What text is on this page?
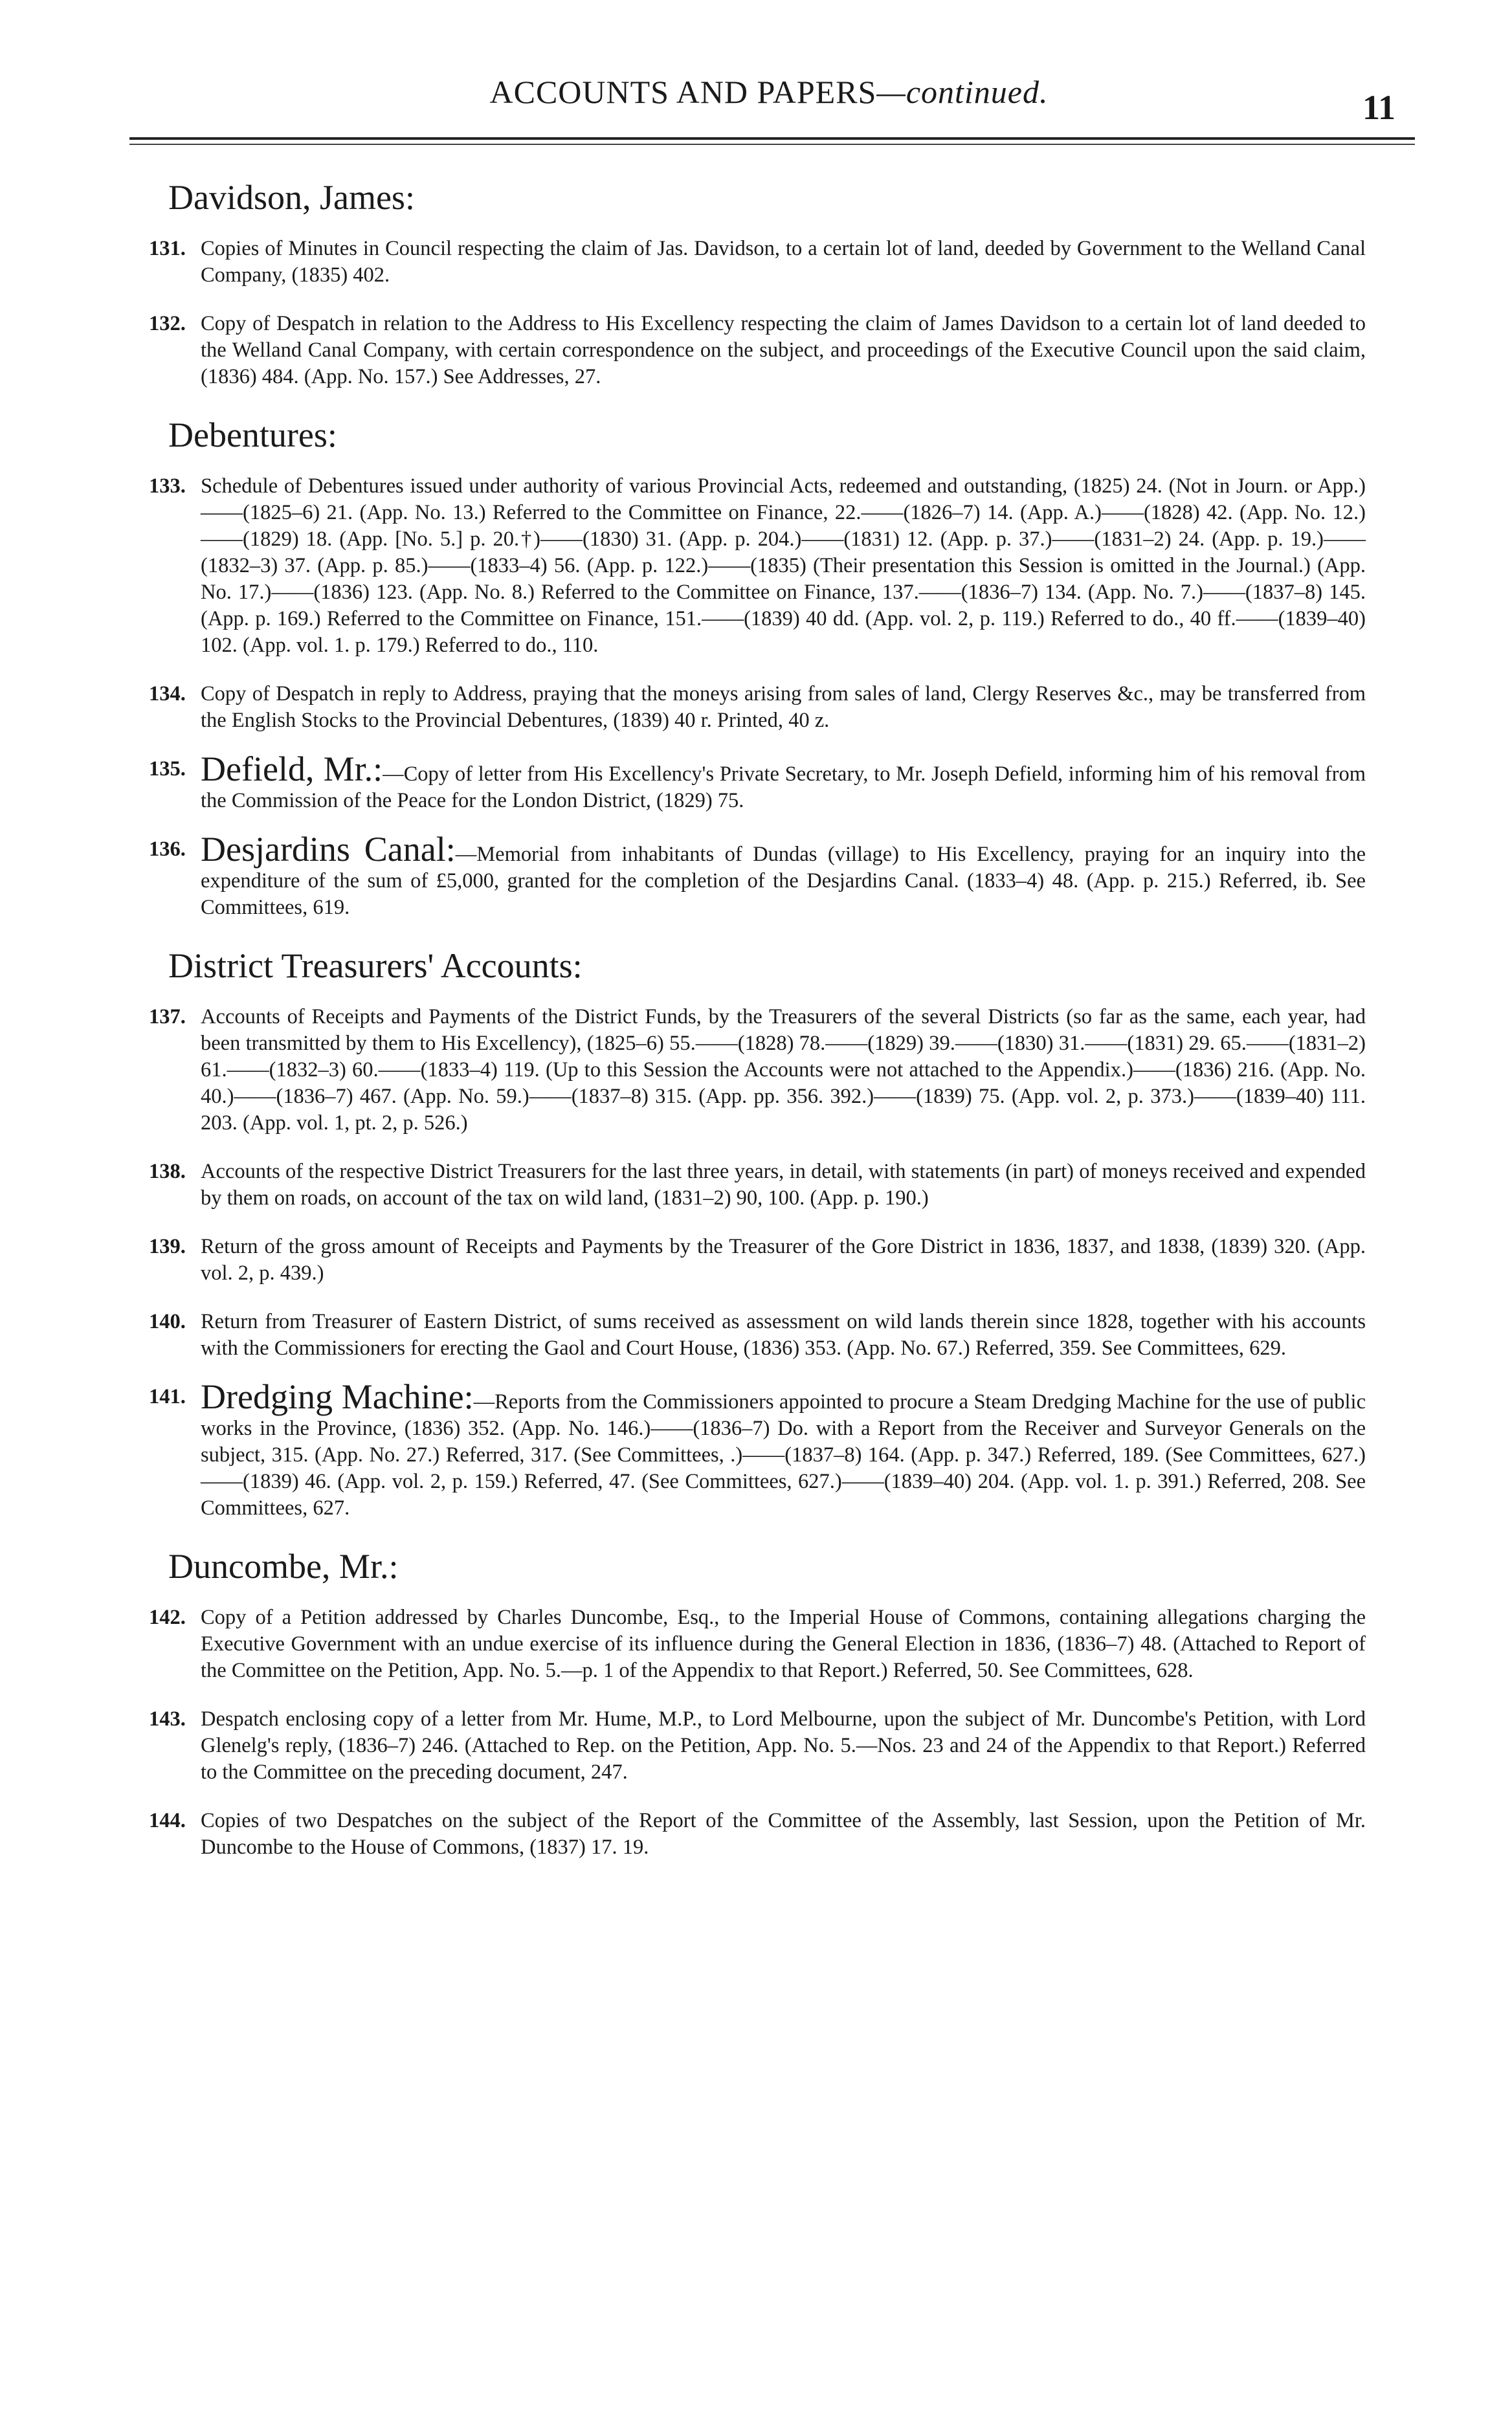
ACCOUNTS AND PAPERS—continued.	11
Davidson, James:
131. Copies of Minutes in Council respecting the claim of Jas. Davidson, to a certain lot of land, deeded by Government to the Welland Canal Company, (1835) 402.
132. Copy of Despatch in relation to the Address to His Excellency respecting the claim of James Davidson to a certain lot of land deeded to the Welland Canal Company, with certain correspondence on the subject, and proceedings of the Executive Council upon the said claim, (1836) 484. (App. No. 157.) See Addresses, 27.
Debentures:
133. Schedule of Debentures issued under authority of various Provincial Acts, redeemed and outstanding, (1825) 24. (Not in Journ. or App.)——(1825–6) 21. (App. No. 13.) Referred to the Committee on Finance, 22.——(1826–7) 14. (App. A.)——(1828) 42. (App. No. 12.)——(1829) 18. (App. [No. 5.] p. 20.†)——(1830) 31. (App. p. 204.)——(1831) 12. (App. p. 37.)——(1831–2) 24. (App. p. 19.)——(1832–3) 37. (App. p. 85.)——(1833–4) 56. (App. p. 122.)——(1835) (Their presentation this Session is omitted in the Journal.) (App. No. 17.)——(1836) 123. (App. No. 8.) Referred to the Committee on Finance, 137.——(1836–7) 134. (App. No. 7.)——(1837–8) 145. (App. p. 169.) Referred to the Committee on Finance, 151.——(1839) 40 dd. (App. vol. 2, p. 119.) Referred to do., 40 ff.——(1839–40) 102. (App. vol. 1. p. 179.) Referred to do., 110.
134. Copy of Despatch in reply to Address, praying that the moneys arising from sales of land, Clergy Reserves &c., may be transferred from the English Stocks to the Provincial Debentures, (1839) 40 r. Printed, 40 z.
135. Defield, Mr.:—Copy of letter from His Excellency's Private Secretary, to Mr. Joseph Defield, informing him of his removal from the Commission of the Peace for the London District, (1829) 75.
136. Desjardins Canal:—Memorial from inhabitants of Dundas (village) to His Excellency, praying for an inquiry into the expenditure of the sum of £5,000, granted for the completion of the Desjardins Canal. (1833–4) 48. (App. p. 215.) Referred, ib. See Committees, 619.
District Treasurers' Accounts:
137. Accounts of Receipts and Payments of the District Funds, by the Treasurers of the several Districts (so far as the same, each year, had been transmitted by them to His Excellency), (1825–6) 55.——(1828) 78.——(1829) 39.——(1830) 31.——(1831) 29. 65.——(1831–2) 61.——(1832–3) 60.——(1833–4) 119. (Up to this Session the Accounts were not attached to the Appendix.)——(1836) 216. (App. No. 40.)——(1836–7) 467. (App. No. 59.)——(1837–8) 315. (App. pp. 356. 392.)——(1839) 75. (App. vol. 2, p. 373.)——(1839–40) 111. 203. (App. vol. 1, pt. 2, p. 526.)
138. Accounts of the respective District Treasurers for the last three years, in detail, with statements (in part) of moneys received and expended by them on roads, on account of the tax on wild land, (1831–2) 90, 100. (App. p. 190.)
139. Return of the gross amount of Receipts and Payments by the Treasurer of the Gore District in 1836, 1837, and 1838, (1839) 320. (App. vol. 2, p. 439.)
140. Return from Treasurer of Eastern District, of sums received as assessment on wild lands therein since 1828, together with his accounts with the Commissioners for erecting the Gaol and Court House, (1836) 353. (App. No. 67.) Referred, 359. See Committees, 629.
141. Dredging Machine:—Reports from the Commissioners appointed to procure a Steam Dredging Machine for the use of public works in the Province, (1836) 352. (App. No. 146.)——(1836–7) Do. with a Report from the Receiver and Surveyor Generals on the subject, 315. (App. No. 27.) Referred, 317. (See Committees, .)——(1837–8) 164. (App. p. 347.) Referred, 189. (See Committees, 627.)——(1839) 46. (App. vol. 2, p. 159.) Referred, 47. (See Committees, 627.)——(1839–40) 204. (App. vol. 1. p. 391.) Referred, 208. See Committees, 627.
Duncombe, Mr.:
142. Copy of a Petition addressed by Charles Duncombe, Esq., to the Imperial House of Commons, containing allegations charging the Executive Government with an undue exercise of its influence during the General Election in 1836, (1836–7) 48. (Attached to Report of the Committee on the Petition, App. No. 5.—p. 1 of the Appendix to that Report.) Referred, 50. See Committees, 628.
143. Despatch enclosing copy of a letter from Mr. Hume, M.P., to Lord Melbourne, upon the subject of Mr. Duncombe's Petition, with Lord Glenelg's reply, (1836–7) 246. (Attached to Rep. on the Petition, App. No. 5.—Nos. 23 and 24 of the Appendix to that Report.) Referred to the Committee on the preceding document, 247.
144. Copies of two Despatches on the subject of the Report of the Committee of the Assembly, last Session, upon the Petition of Mr. Duncombe to the House of Commons, (1837) 17. 19.
